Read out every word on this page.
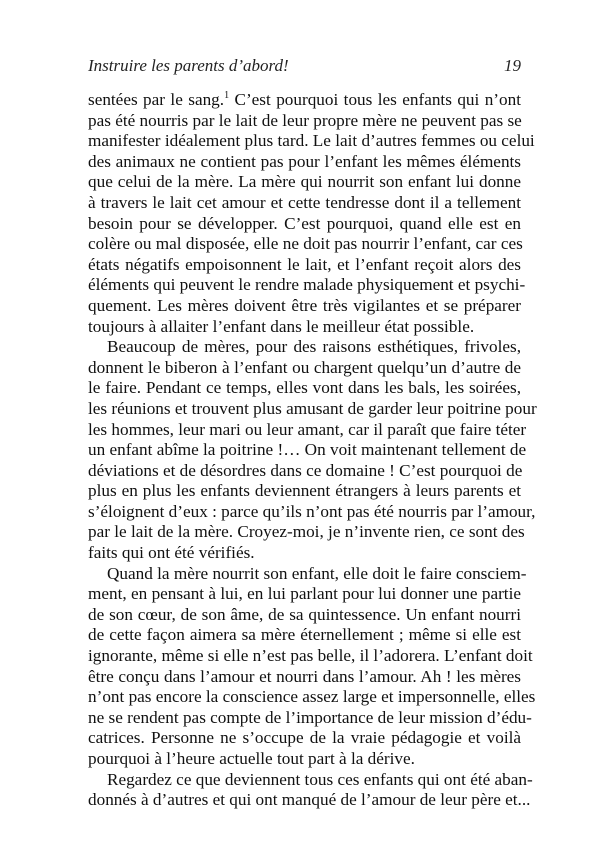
Instruire les parents d’abord!	19

sentées par le sang.$^1$ C’est pourquoi tous les enfants qui n’ont
pas été nourris par le lait de leur propre mère ne peuvent pas se
manifester idéalement plus tard. Le lait d’autres femmes ou celui
des animaux ne contient pas pour l’enfant les mêmes éléments
que celui de la mère. La mère qui nourrit son enfant lui donne
à travers le lait cet amour et cette tendresse dont il a tellement
besoin pour se développer. C’est pourquoi, quand elle est en
colère ou mal disposée, elle ne doit pas nourrir l’enfant, car ces
états négatifs empoisonnent le lait, et l’enfant reçoit alors des
éléments qui peuvent le rendre malade physiquement et psychi-
quement. Les mères doivent être très vigilantes et se préparer
toujours à allaiter l’enfant dans le meilleur état possible.

Beaucoup de mères, pour des raisons esthétiques, frivoles,
donnent le biberon à l’enfant ou chargent quelqu’un d’autre de
le faire. Pendant ce temps, elles vont dans les bals, les soirées,
les réunions et trouvent plus amusant de garder leur poitrine pour
les hommes, leur mari ou leur amant, car il paraît que faire téter
un enfant abîme la poitrine !… On voit maintenant tellement de
déviations et de désordres dans ce domaine ! C’est pourquoi de
plus en plus les enfants deviennent étrangers à leurs parents et
s’éloignent d’eux : parce qu’ils n’ont pas été nourris par l’amour,
par le lait de la mère. Croyez-moi, je n’invente rien, ce sont des
faits qui ont été vérifiés.

Quand la mère nourrit son enfant, elle doit le faire consciem-
ment, en pensant à lui, en lui parlant pour lui donner une partie
de son cœur, de son âme, de sa quintessence. Un enfant nourri
de cette façon aimera sa mère éternellement ; même si elle est
ignorante, même si elle n’est pas belle, il l’adorera. L’enfant doit
être conçu dans l’amour et nourri dans l’amour. Ah ! les mères
n’ont pas encore la conscience assez large et impersonnelle, elles
ne se rendent pas compte de l’importance de leur mission d’édu-
catrices. Personne ne s’occupe de la vraie pédagogie et voilà
pourquoi à l’heure actuelle tout part à la dérive.

Regardez ce que deviennent tous ces enfants qui ont été aban-
donnés à d’autres et qui ont manqué de l’amour de leur père et...
